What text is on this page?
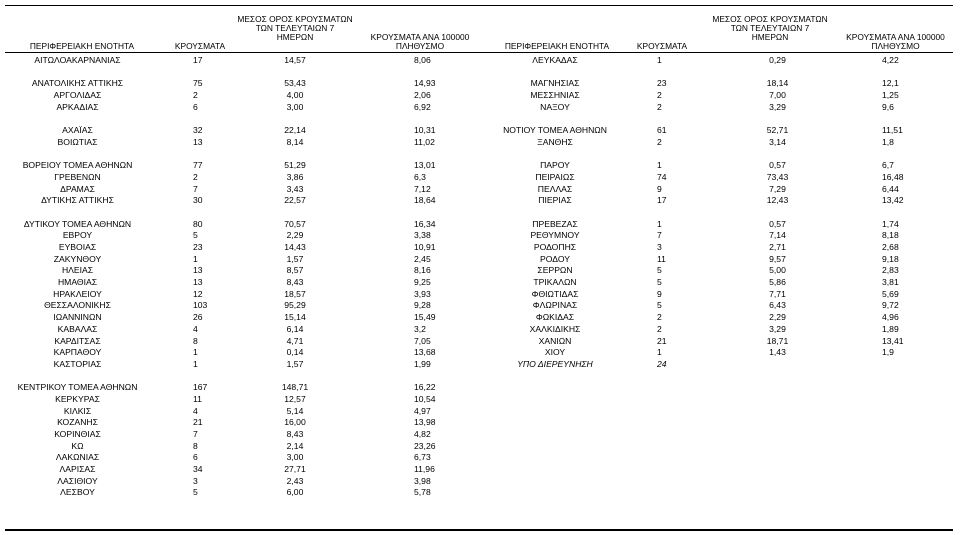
ΠΕΡΙΦΕΡΕΙΑΚΗ ΕΝΟΤΗΤΑ	ΚΡΟΥΣΜΑΤΑ
ΜΕΣΟΣ ΟΡΟΣ ΚΡΟΥΣΜΑΤΩΝ
ΤΩΝ ΤΕΛΕΥΤΑΙΩΝ 7
ΗΜΕΡΩΝ	ΚΡΟΥΣΜΑΤΑ ΑΝΑ 100000
ΠΛΗΘΥΣΜΟ	ΠΕΡΙΦΕΡΕΙΑΚΗ ΕΝΟΤΗΤΑ	ΚΡΟΥΣΜΑΤΑ
ΜΕΣΟΣ ΟΡΟΣ ΚΡΟΥΣΜΑΤΩΝ
ΤΩΝ ΤΕΛΕΥΤΑΙΩΝ 7
ΗΜΕΡΩΝ	ΚΡΟΥΣΜΑΤΑ ΑΝΑ 100000
ΠΛΗΘΥΣΜΟ
ΑΙΤΩΛΟΑΚΑΡΝΑΝΙΑΣ	17	14,57	8,06
ΑΝΑΤΟΛΙΚΗΣ ΑΤΤΙΚΗΣ	75	53,43	14,93
ΑΡΓΟΛΙΔΑΣ	2	4,00	2,06
ΑΡΚΑΔΙΑΣ	6	3,00	6,92
ΑΧΑΪΑΣ	32	22,14	10,31
ΒΟΙΩΤΙΑΣ	13	8,14	11,02
ΒΟΡΕΙΟΥ ΤΟΜΕΑ ΑΘΗΝΩΝ	77	51,29	13,01
ΓΡΕΒΕΝΩΝ	2	3,86	6,3
ΔΡΑΜΑΣ	7	3,43	7,12
ΔΥΤΙΚΗΣ ΑΤΤΙΚΗΣ	30	22,57	18,64
ΔΥΤΙΚΟΥ ΤΟΜΕΑ ΑΘΗΝΩΝ	80	70,57	16,34
ΕΒΡΟΥ	5	2,29	3,38
ΕΥΒΟΙΑΣ	23	14,43	10,91
ΖΑΚΥΝΘΟΥ	1	1,57	2,45
ΗΛΕΙΑΣ	13	8,57	8,16
ΗΜΑΘΙΑΣ	13	8,43	9,25
ΗΡΑΚΛΕΙΟΥ	12	18,57	3,93
ΘΕΣΣΑΛΟΝΙΚΗΣ	103	95,29	9,28
ΙΩΑΝΝΙΝΩΝ	26	15,14	15,49
ΚΑΒΑΛΑΣ	4	6,14	3,2
ΚΑΡΔΙΤΣΑΣ	8	4,71	7,05
ΚΑΡΠΑΘΟΥ	1	0,14	13,68
ΚΑΣΤΟΡΙΑΣ	1	1,57	1,99
ΚΕΝΤΡΙΚΟΥ ΤΟΜΕΑ ΑΘΗΝΩΝ	167	148,71	16,22
ΚΕΡΚΥΡΑΣ	11	12,57	10,54
ΚΙΛΚΙΣ	4	5,14	4,97
ΚΟΖΑΝΗΣ	21	16,00	13,98
ΚΟΡΙΝΘΙΑΣ	7	8,43	4,82
ΚΩ	8	2,14	23,26
ΛΑΚΩΝΙΑΣ	6	3,00	6,73
ΛΑΡΙΣΑΣ	34	27,71	11,96
ΛΑΣΙΘΙΟΥ	3	2,43	3,98
ΛΕΣΒΟΥ	5	6,00	5,78
ΛΕΥΚΑΔΑΣ	1	0,29	4,22
ΜΑΓΝΗΣΙΑΣ	23	18,14	12,1
ΜΕΣΣΗΝΙΑΣ	2	7,00	1,25
ΝΑΞΟΥ	2	3,29	9,6
ΝΟΤΙΟΥ ΤΟΜΕΑ ΑΘΗΝΩΝ	61	52,71	11,51
ΞΑΝΘΗΣ	2	3,14	1,8
ΠΑΡΟΥ	1	0,57	6,7
ΠΕΙΡΑΙΩΣ	74	73,43	16,48
ΠΕΛΛΑΣ	9	7,29	6,44
ΠΙΕΡΙΑΣ	17	12,43	13,42
ΠΡΕΒΕΖΑΣ	1	0,57	1,74
ΡΕΘΥΜΝΟΥ	7	7,14	8,18
ΡΟΔΟΠΗΣ	3	2,71	2,68
ΡΟΔΟΥ	11	9,57	9,18
ΣΕΡΡΩΝ	5	5,00	2,83
ΤΡΙΚΑΛΩΝ	5	5,86	3,81
ΦΘΙΩΤΙΔΑΣ	9	7,71	5,69
ΦΛΩΡΙΝΑΣ	5	6,43	9,72
ΦΩΚΙΔΑΣ	2	2,29	4,96
ΧΑΛΚΙΔΙΚΗΣ	2	3,29	1,89
ΧΑΝΙΩΝ	21	18,71	13,41
ΧΙΟΥ	1	1,43	1,9
ΥΠΟ ΔΙΕΡΕΥΝΗΣΗ	24
